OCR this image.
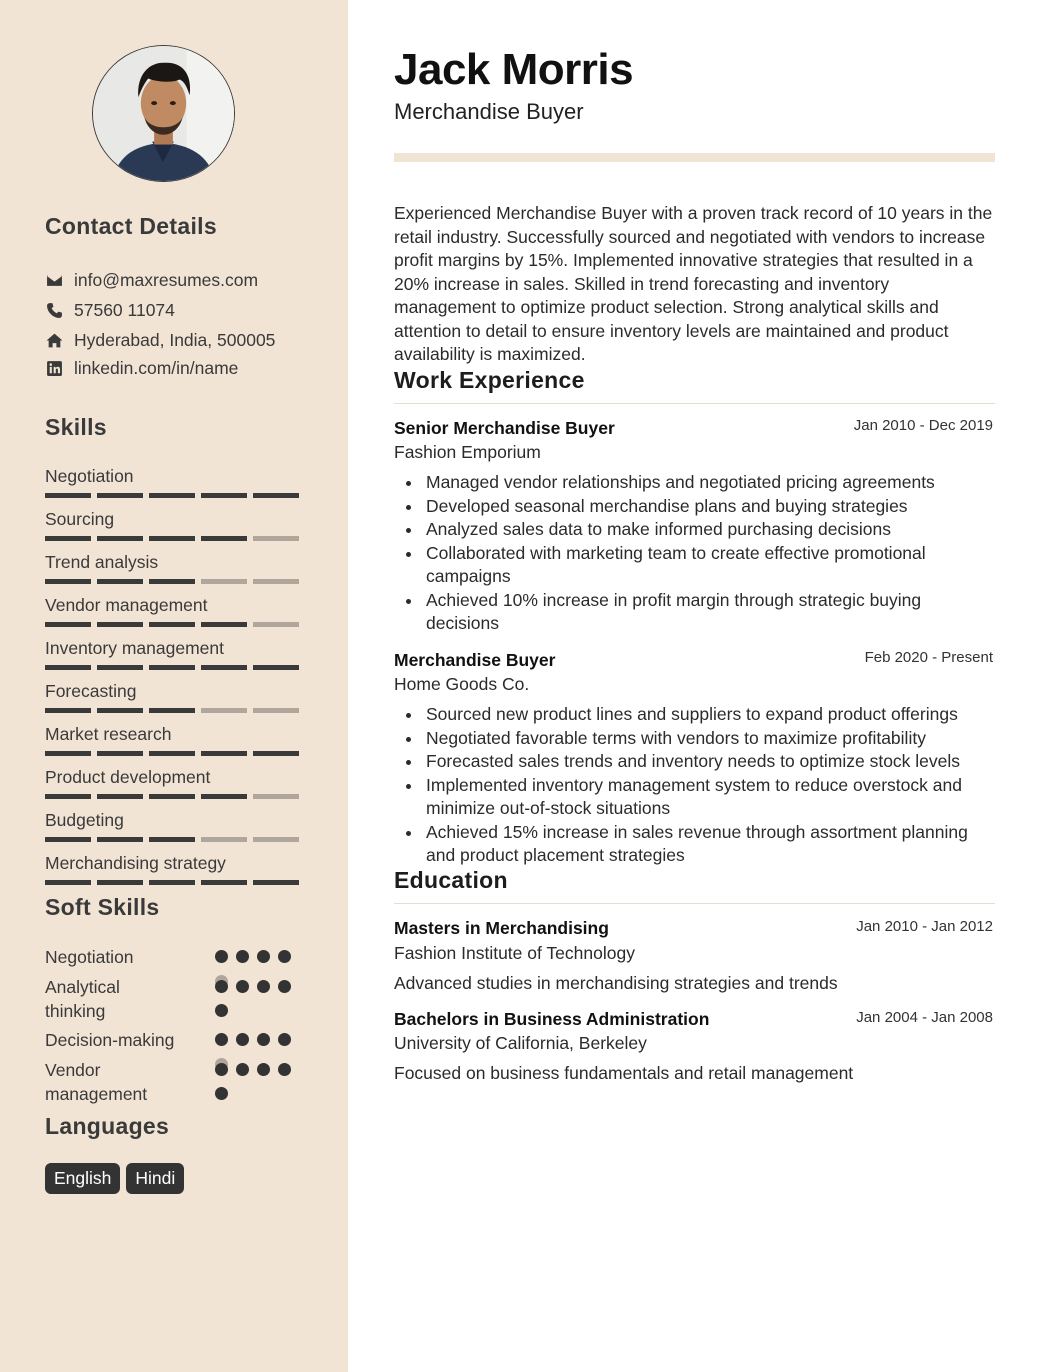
Contact Details
info@maxresumes.com
57560 11074
Hyderabad, India, 500005
linkedin.com/in/name
Skills
Negotiation
Sourcing
Trend analysis
Vendor management
Inventory management
Forecasting
Market research
Product development
Budgeting
Merchandising strategy
Soft Skills
Negotiation
Analytical
thinking
Decision-making
Vendor
management
Languages
English	Hindi
Jack Morris
Merchandise Buyer
Experienced Merchandise Buyer with a proven track record of 10 years in the retail industry. Successfully sourced and negotiated with vendors to increase profit margins by 15%. Implemented innovative strategies that resulted in a 20% increase in sales. Skilled in trend forecasting and inventory management to optimize product selection. Strong analytical skills and attention to detail to ensure inventory levels are maintained and product availability is maximized.
Work Experience
Senior Merchandise Buyer	Jan 2010 - Dec 2019
Fashion Emporium
Managed vendor relationships and negotiated pricing agreements
Developed seasonal merchandise plans and buying strategies
Analyzed sales data to make informed purchasing decisions
Collaborated with marketing team to create effective promotional campaigns
Achieved 10% increase in profit margin through strategic buying decisions
Merchandise Buyer	Feb 2020 - Present
Home Goods Co.
Sourced new product lines and suppliers to expand product offerings
Negotiated favorable terms with vendors to maximize profitability
Forecasted sales trends and inventory needs to optimize stock levels
Implemented inventory management system to reduce overstock and minimize out-of-stock situations
Achieved 15% increase in sales revenue through assortment planning and product placement strategies
Education
Masters in Merchandising	Jan 2010 - Jan 2012
Fashion Institute of Technology
Advanced studies in merchandising strategies and trends
Bachelors in Business Administration	Jan 2004 - Jan 2008
University of California, Berkeley
Focused on business fundamentals and retail management
